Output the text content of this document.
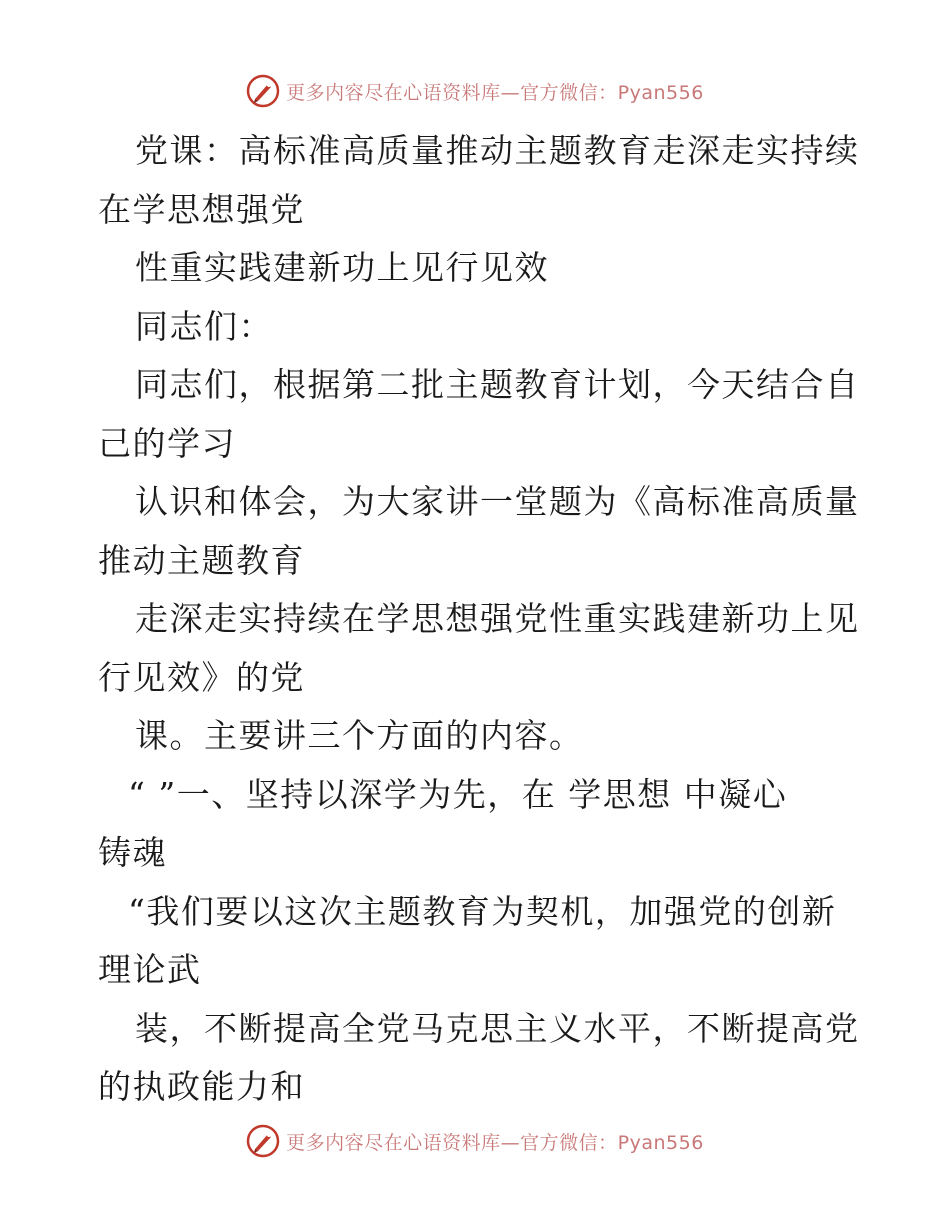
更多内容尽在心语资料库—官方微信：Pyan556
党课：高标准高质量推动主题教育走深走实持续
在学思想强党
性重实践建新功上见行见效
同志们：
同志们，根据第二批主题教育计划，今天结合自
己的学习
认识和体会，为大家讲一堂题为《高标准高质量
推动主题教育
走深走实持续在学思想强党性重实践建新功上见
行见效》的党
课。主要讲三个方面的内容。
“ ”一、坚持以深学为先，在 学思想 中凝心
铸魂
“我们要以这次主题教育为契机，加强党的创新
理论武
装，不断提高全党马克思主义水平，不断提高党
的执政能力和
更多内容尽在心语资料库—官方微信：Pyan556
